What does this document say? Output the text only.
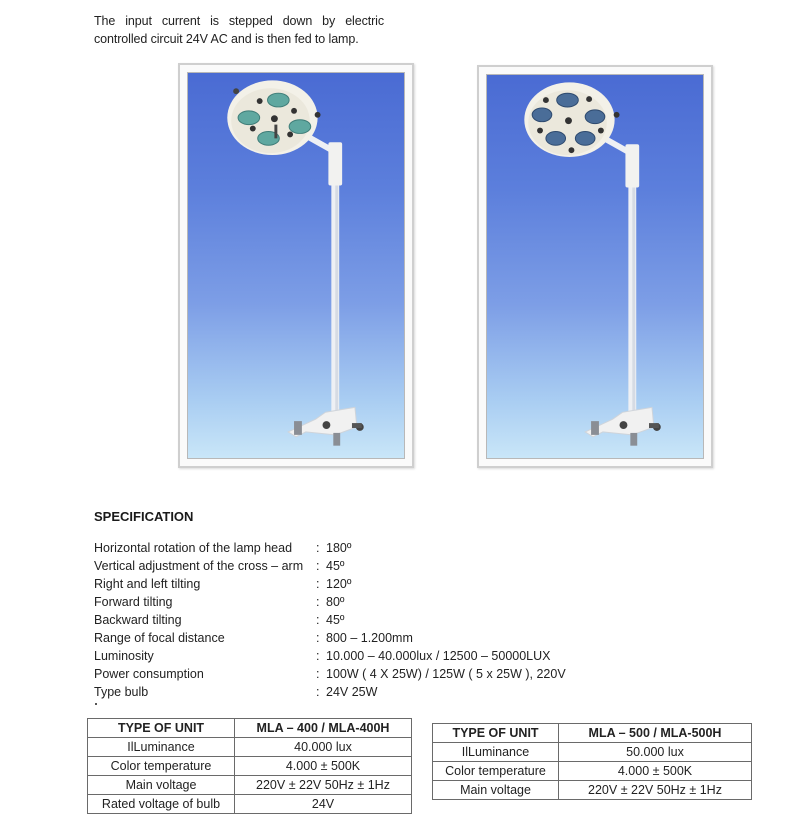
The input current is stepped down by electric
controlled circuit 24V AC and is then fed to lamp.
SPECIFICATION
Horizontal rotation of the lamp head	: 180º
Vertical adjustment of the cross – arm	: 45º
Right and left tilting	: 120º
Forward tilting	: 80º
Backward tilting	: 45º
Range of focal distance	: 800 – 1.200mm
Luminosity	: 10.000 – 40.000lux / 12500 – 50000LUX
Power consumption	: 100W ( 4 X 25W) / 125W ( 5 x 25W ), 220V
Type bulb	: 24V 25W
TYPE OF UNIT	MLA – 400 / MLA-400H
IlLuminance	40.000 lux
Color temperature	4.000 ± 500K
Main voltage	220V ± 22V 50Hz ± 1Hz
Rated voltage of bulb	24V
TYPE OF UNIT	MLA – 500 / MLA-500H
IlLuminance	50.000 lux
Color temperature	4.000 ± 500K
Main voltage	220V ± 22V 50Hz ± 1Hz
